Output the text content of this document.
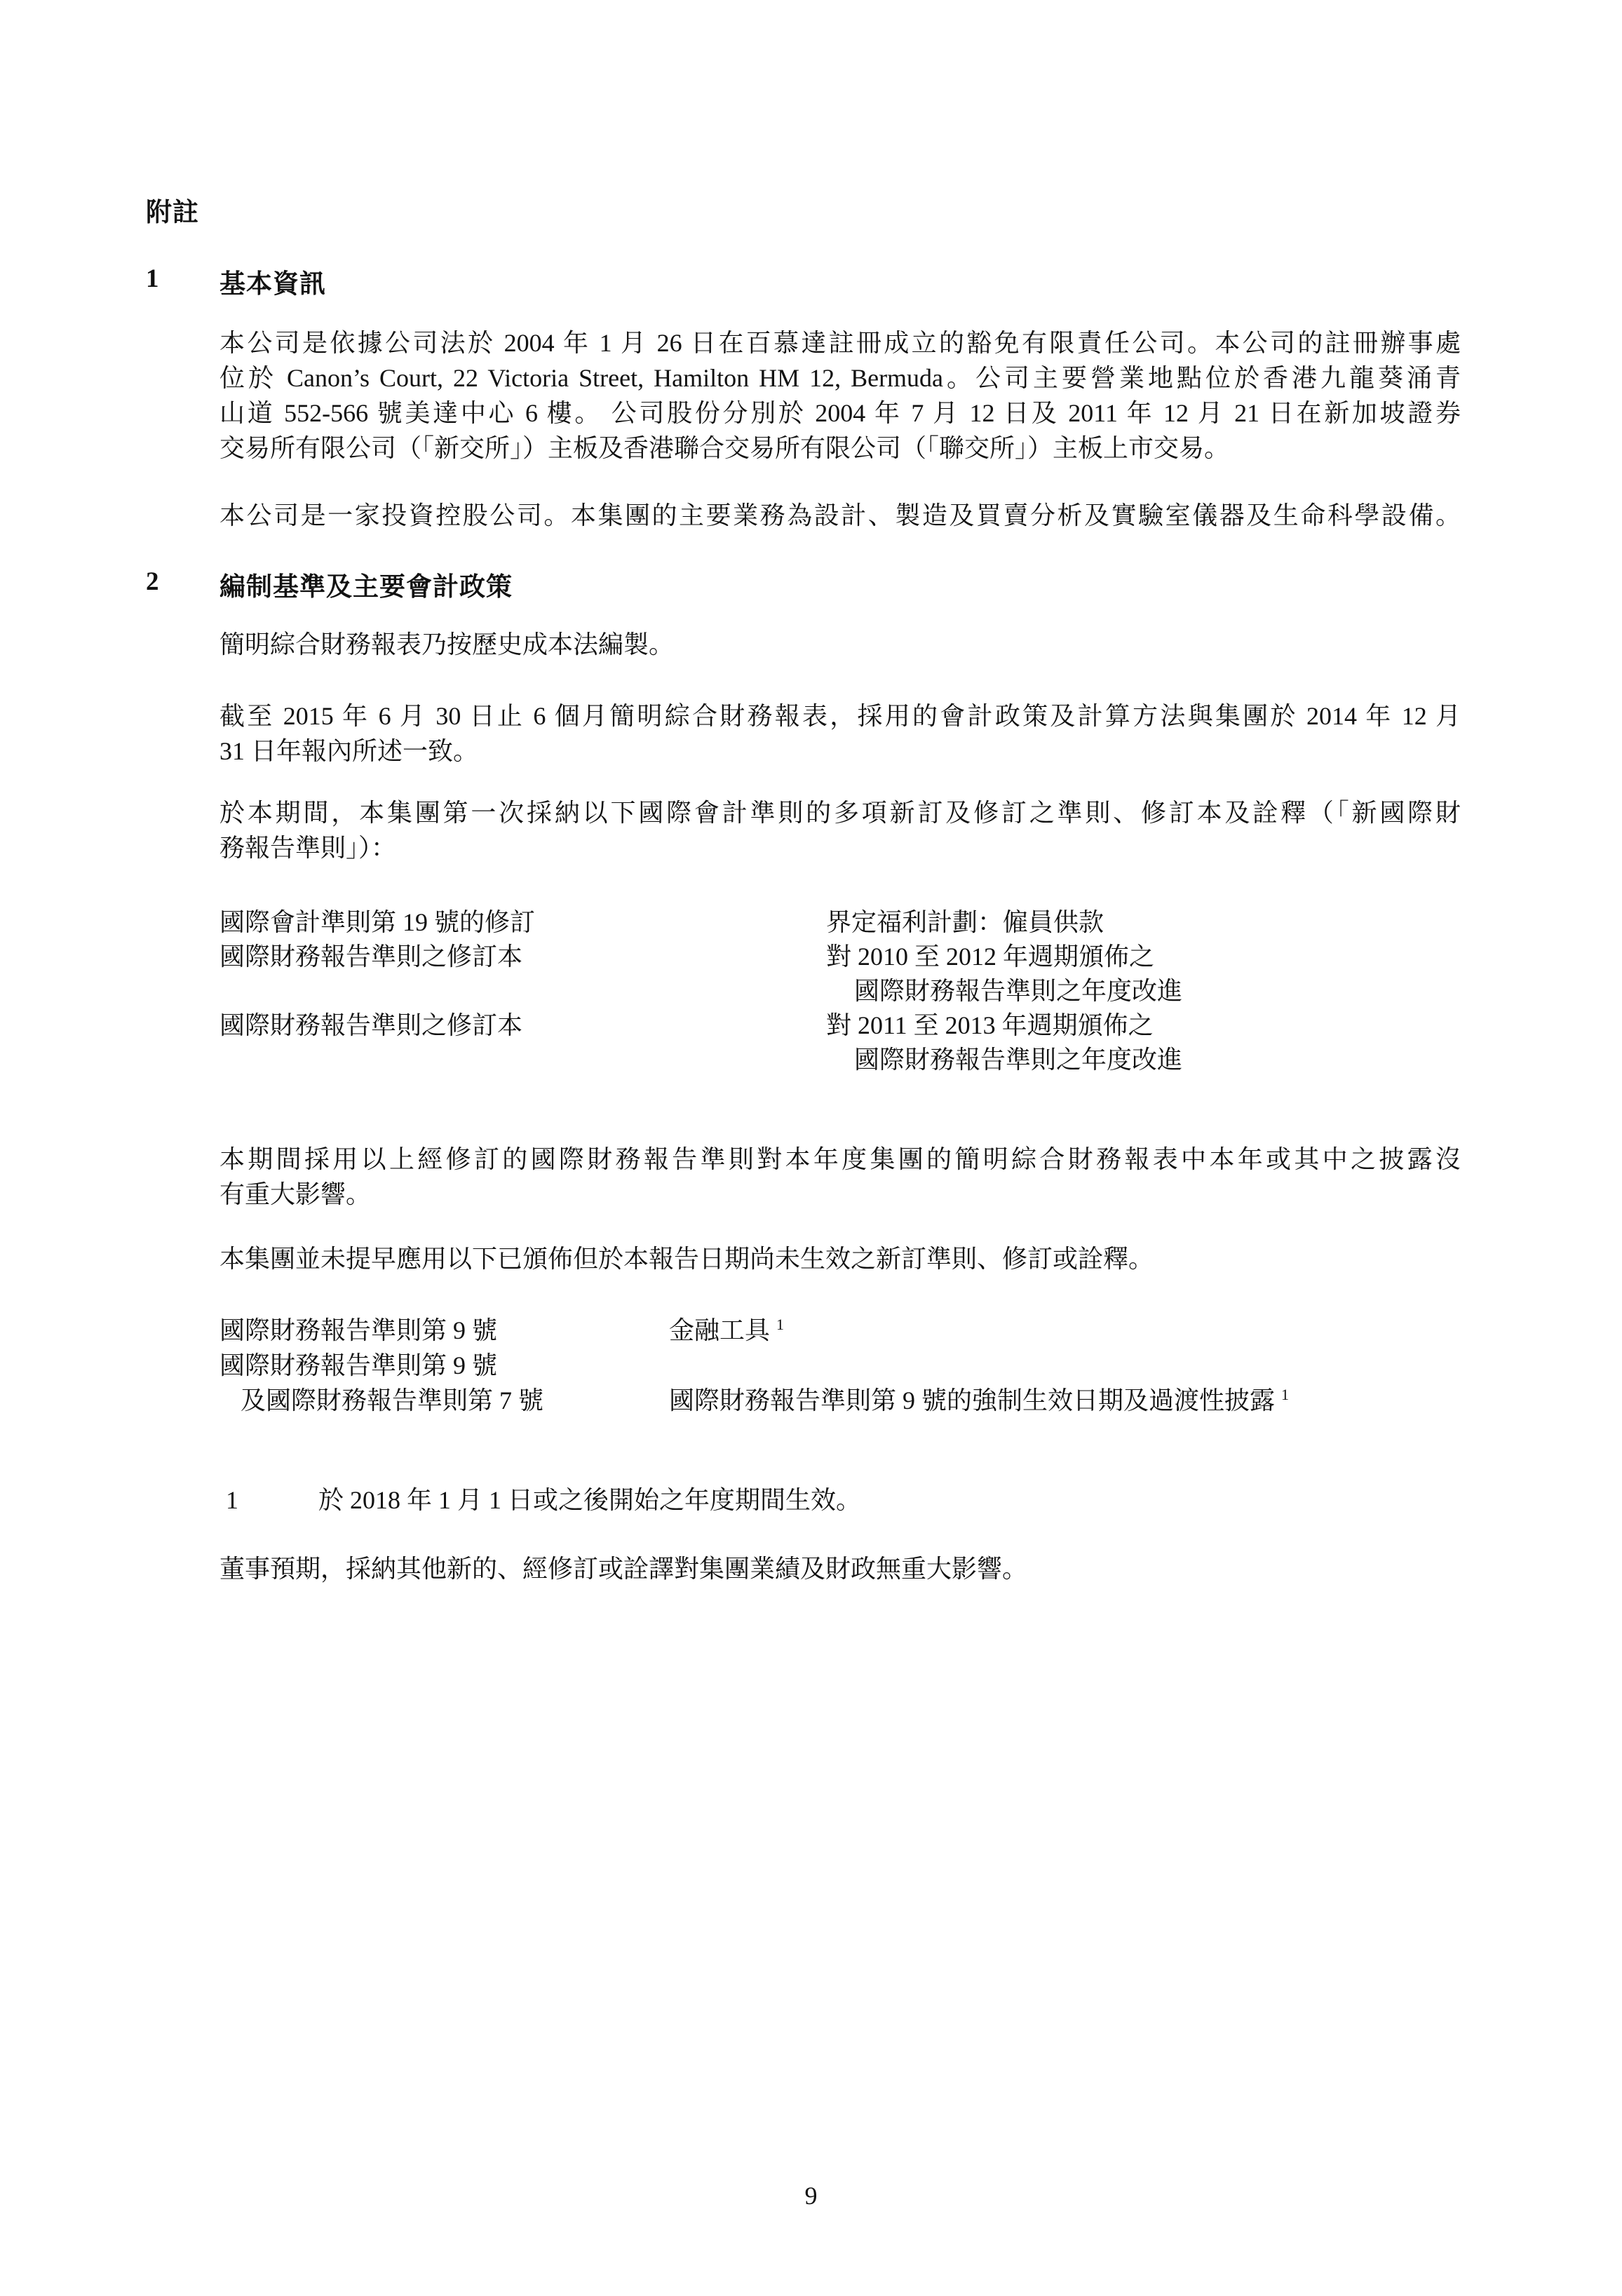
附註
1 基本資訊
本公司是依據公司法於 2004 年 1 月 26 日在百慕達註冊成立的豁免有限責任公司。本公司的註冊辦事處
位於 Canon’s Court, 22 Victoria Street, Hamilton HM 12, Bermuda。公司主要營業地點位於香港九龍葵涌青
山道 552-566 號美達中心 6 樓。 公司股份分別於 2004 年 7 月 12 日及 2011 年 12 月 21 日在新加坡證券
交易所有限公司（「新交所」）主板及香港聯合交易所有限公司（「聯交所」）主板上市交易。
本公司是一家投資控股公司。本集團的主要業務為設計、製造及買賣分析及實驗室儀器及生命科學設備。
2 編制基準及主要會計政策
簡明綜合財務報表乃按歷史成本法編製。
截至 2015 年 6 月 30 日止 6 個月簡明綜合財務報表，採用的會計政策及計算方法與集團於 2014 年 12 月
31 日年報內所述一致。
於本期間，本集團第一次採納以下國際會計準則的多項新訂及修訂之準則、修訂本及詮釋（「新國際財
務報告準則」）：
國際會計準則第 19 號的修訂	界定福利計劃：僱員供款
國際財務報告準則之修訂本	對 2010 至 2012 年週期頒佈之
國際財務報告準則之年度改進
國際財務報告準則之修訂本	對 2011 至 2013 年週期頒佈之
國際財務報告準則之年度改進
本期間採用以上經修訂的國際財務報告準則對本年度集團的簡明綜合財務報表中本年或其中之披露沒
有重大影響。
本集團並未提早應用以下已頒佈但於本報告日期尚未生效之新訂準則、修訂或詮釋。
國際財務報告準則第 9 號	金融工具 $^1$
國際財務報告準則第 9 號
及國際財務報告準則第 7 號	國際財務報告準則第 9 號的強制生效日期及過渡性披露 $^1$
1	於 2018 年 1 月 1 日或之後開始之年度期間生效。
董事預期，採納其他新的、經修訂或詮譯對集團業績及財政無重大影響。
9
